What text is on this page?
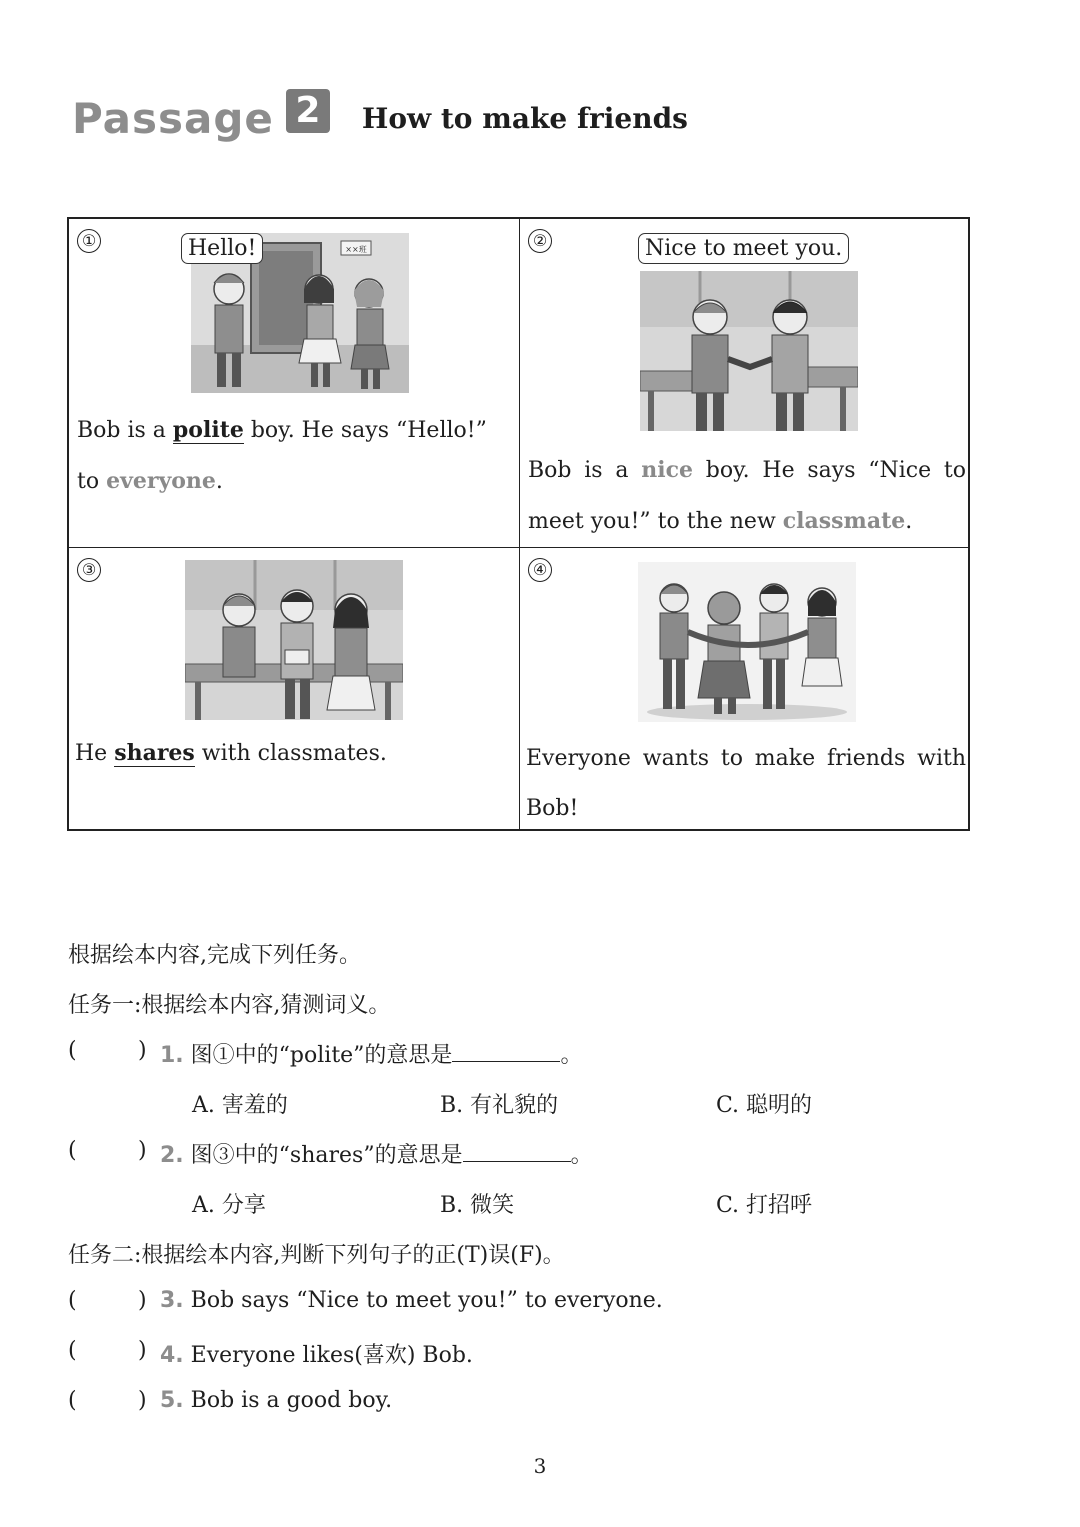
Passage 2	How to make friends
①	××班
Hello!
Bob is a polite boy. He says “Hello!” to everyone.
②	Nice to meet you.
Bob is a nice boy. He says “Nice to meet you!” to the new classmate.
③
He shares with classmates.
④
Everyone wants to make friends with Bob!
根据绘本内容,完成下列任务。
任务一:根据绘本内容,猜测词义。
(	) 1. 图①中的“polite”的意思是	。
A. 害羞的	B. 有礼貌的	C. 聪明的
(	) 2. 图③中的“shares”的意思是	。
A. 分享	B. 微笑	C. 打招呼
任务二:根据绘本内容,判断下列句子的正(T)误(F)。
(	) 3. Bob says “Nice to meet you!” to everyone.
(	) 4. Everyone likes(喜欢) Bob.
(	) 5. Bob is a good boy.
3
